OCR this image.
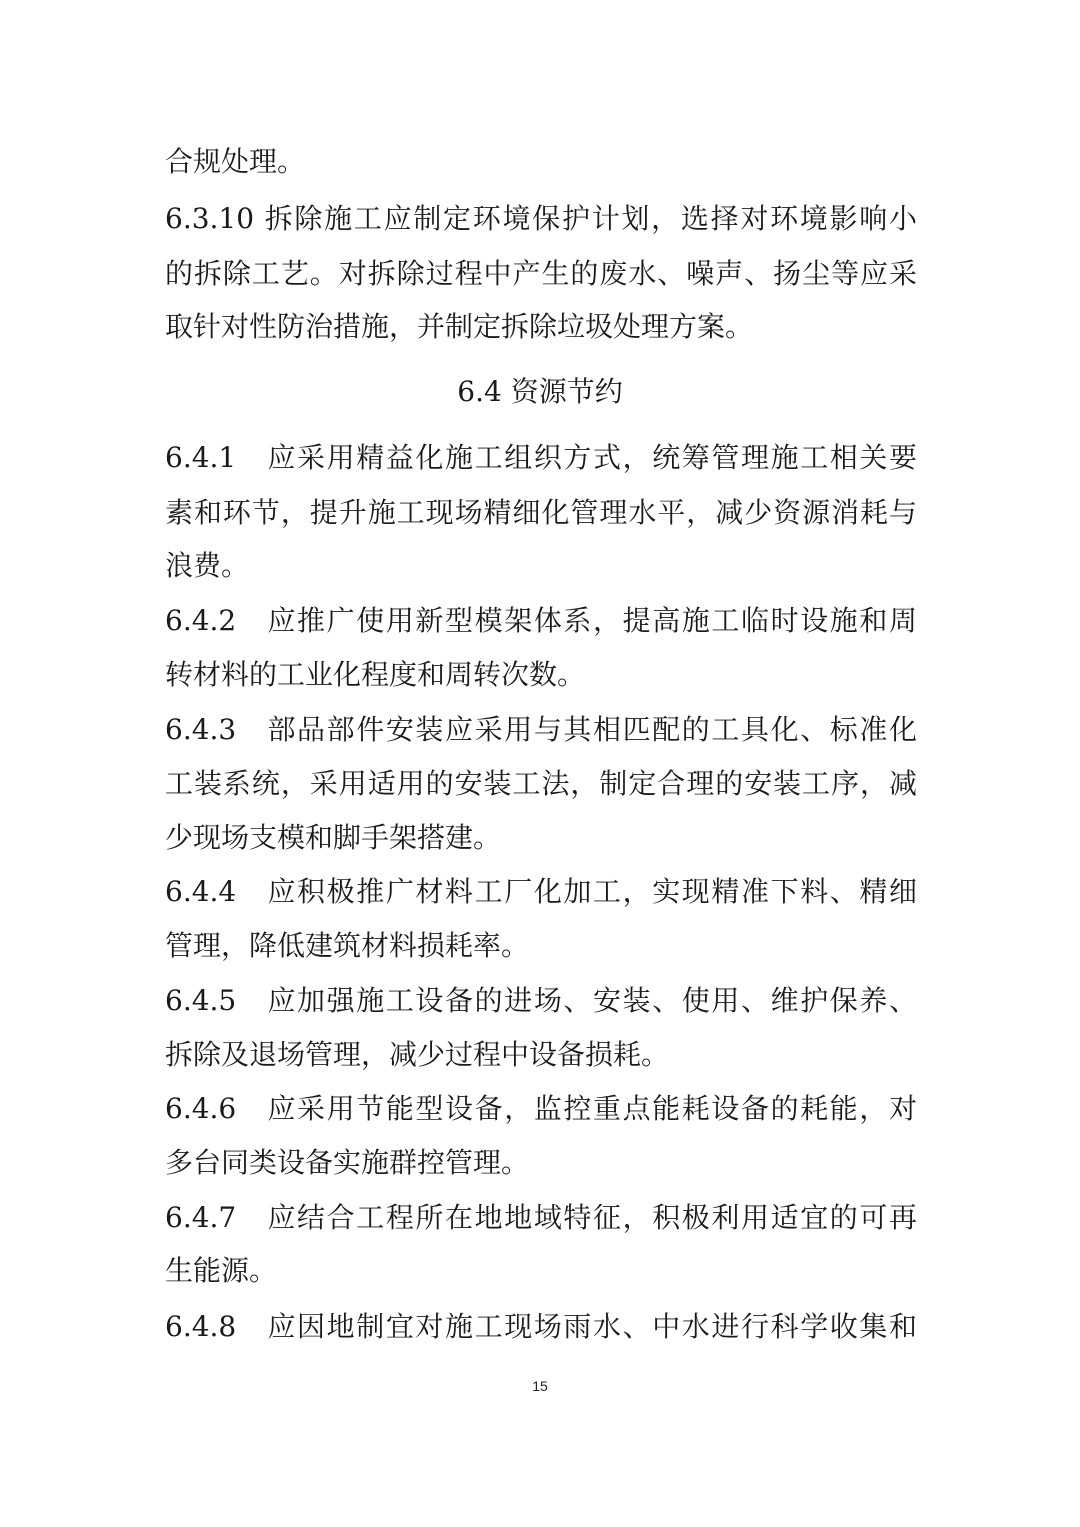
合规处理。
6.3.10 拆除施工应制定环境保护计划，选择对环境影响小
的拆除工艺。对拆除过程中产生的废水、噪声、扬尘等应采
取针对性防治措施，并制定拆除垃圾处理方案。
6.4 资源节约
6.4.1　应采用精益化施工组织方式，统筹管理施工相关要
素和环节，提升施工现场精细化管理水平，减少资源消耗与
浪费。
6.4.2　应推广使用新型模架体系，提高施工临时设施和周
转材料的工业化程度和周转次数。
6.4.3　部品部件安装应采用与其相匹配的工具化、标准化
工装系统，采用适用的安装工法，制定合理的安装工序，减
少现场支模和脚手架搭建。
6.4.4　应积极推广材料工厂化加工，实现精准下料、精细
管理，降低建筑材料损耗率。
6.4.5　应加强施工设备的进场、安装、使用、维护保养、
拆除及退场管理，减少过程中设备损耗。
6.4.6　应采用节能型设备，监控重点能耗设备的耗能，对
多台同类设备实施群控管理。
6.4.7　应结合工程所在地地域特征，积极利用适宜的可再
生能源。
6.4.8　应因地制宜对施工现场雨水、中水进行科学收集和
15
